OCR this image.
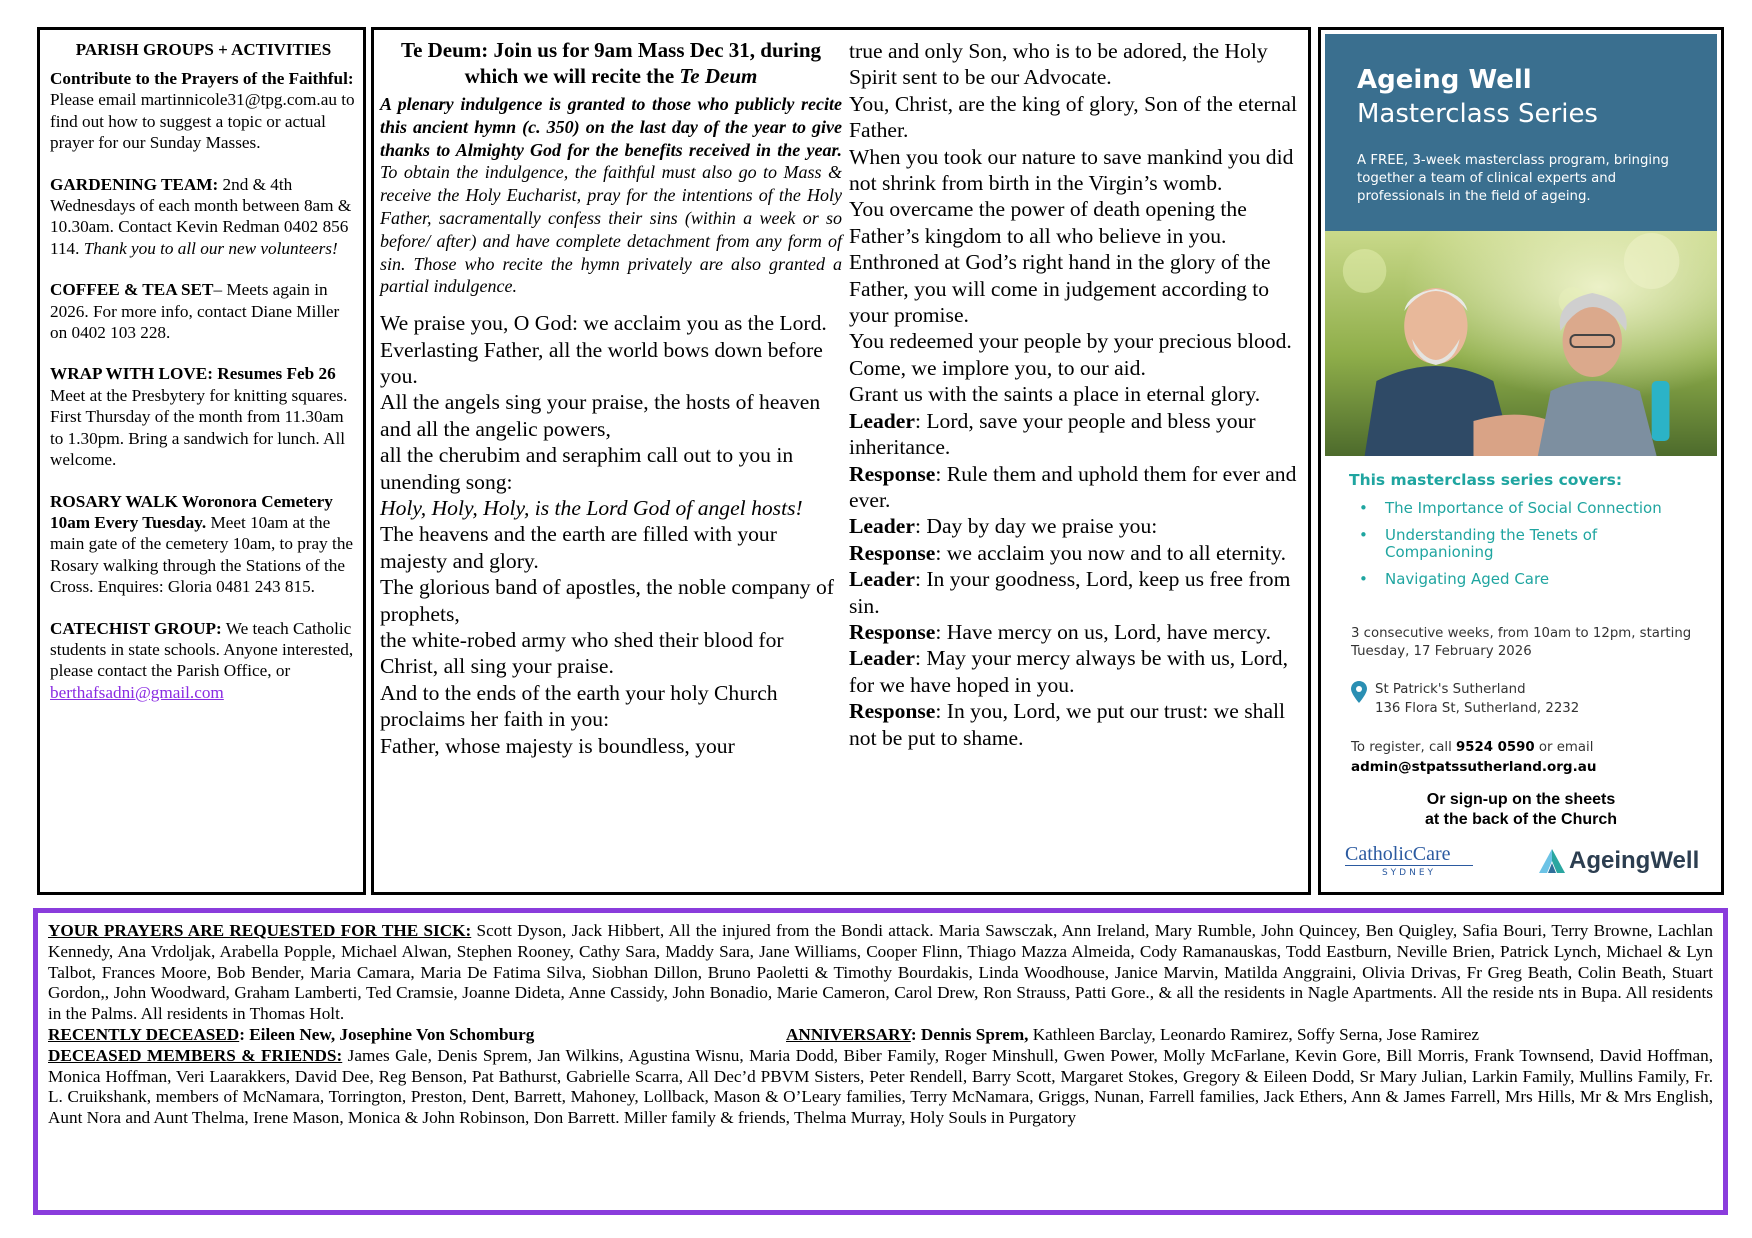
PARISH GROUPS + ACTIVITIES
Contribute to the Prayers of the Faithful: Please email martinnicole31@tpg.com.au to find out how to suggest a topic or actual prayer for our Sunday Masses.
GARDENING TEAM: 2nd & 4th Wednesdays of each month between 8am & 10.30am. Contact Kevin Redman 0402 856 114. Thank you to all our new volunteers!
COFFEE & TEA SET– Meets again in 2026. For more info, contact Diane Miller on 0402 103 228.
WRAP WITH LOVE: Resumes Feb 26 Meet at the Presbytery for knitting squares. First Thursday of the month from 11.30am to 1.30pm. Bring a sandwich for lunch. All welcome.
ROSARY WALK Woronora Cemetery 10am Every Tuesday. Meet 10am at the main gate of the cemetery 10am, to pray the Rosary walking through the Stations of the Cross. Enquires: Gloria 0481 243 815.
CATECHIST GROUP: We teach Catholic students in state schools. Anyone interested, please contact the Parish Office, or berthafsadni@gmail.com
Te Deum: Join us for 9am Mass Dec 31, during which we will recite the Te Deum
A plenary indulgence is granted to those who publicly recite this ancient hymn (c. 350) on the last day of the year to give thanks to Almighty God for the benefits received in the year. To obtain the indulgence, the faithful must also go to Mass & receive the Holy Eucharist, pray for the intentions of the Holy Father, sacramentally confess their sins (within a week or so before/ after) and have complete detachment from any form of sin. Those who recite the hymn privately are also granted a partial indulgence.

We praise you, O God: we acclaim you as the Lord.

Everlasting Father, all the world bows down before you.

All the angels sing your praise, the hosts of heaven and all the angelic powers,

all the cherubim and seraphim call out to you in unending song:

Holy, Holy, Holy, is the Lord God of angel hosts!

The heavens and the earth are filled with your majesty and glory.

The glorious band of apostles, the noble company of prophets,

the white-robed army who shed their blood for Christ, all sing your praise.

And to the ends of the earth your holy Church proclaims her faith in you:

Father, whose majesty is boundless, your

true and only Son, who is to be adored, the Holy Spirit sent to be our Advocate.

You, Christ, are the king of glory, Son of the eternal Father.

When you took our nature to save mankind you did not shrink from birth in the Virgin’s womb.

You overcame the power of death opening the Father’s kingdom to all who believe in you.

Enthroned at God’s right hand in the glory of the Father, you will come in judgement according to your promise.

You redeemed your people by your precious blood. Come, we implore you, to our aid.

Grant us with the saints a place in eternal glory.

Leader: Lord, save your people and bless your inheritance.

Response: Rule them and uphold them for ever and ever.

Leader: Day by day we praise you:

Response: we acclaim you now and to all eternity.

Leader: In your goodness, Lord, keep us free from sin.

Response: Have mercy on us, Lord, have mercy.

Leader: May your mercy always be with us, Lord, for we have hoped in you.

Response: In you, Lord, we put our trust: we shall not be put to shame.

Ageing Well

Masterclass Series

A FREE, 3-week masterclass program, bringing together a team of clinical experts and professionals in the field of ageing.

This masterclass series covers:

• The Importance of Social Connection
• Understanding the Tenets of Companioning
• Navigating Aged Care

3 consecutive weeks, from 10am to 12pm, starting Tuesday, 17 February 2026

St Patrick's Sutherland

136 Flora St, Sutherland, 2232

To register, call 9524 0590 or email

admin@stpatssutherland.org.au

Or sign-up on the sheets

at the back of the Church

CatholicCare
SYDNEY	AgeingWell

YOUR PRAYERS ARE REQUESTED FOR THE SICK: Scott Dyson, Jack Hibbert, All the injured from the Bondi attack. Maria Sawsczak, Ann Ireland, Mary Rumble, John Quincey, Ben Quigley, Safia Bouri, Terry Browne, Lachlan Kennedy, Ana Vrdoljak, Arabella Popple, Michael Alwan, Stephen Rooney, Cathy Sara, Maddy Sara, Jane Williams, Cooper Flinn, Thiago Mazza Almeida, Cody Ramanauskas, Todd Eastburn, Neville Brien, Patrick Lynch, Michael & Lyn Talbot, Frances Moore, Bob Bender, Maria Camara, Maria De Fatima Silva, Siobhan Dillon, Bruno Paoletti & Timothy Bourdakis, Linda Woodhouse, Janice Marvin, Matilda Anggraini, Olivia Drivas, Fr Greg Beath, Colin Beath, Stuart Gordon,, John Woodward, Graham Lamberti, Ted Cramsie, Joanne Dideta, Anne Cassidy, John Bonadio, Marie Cameron, Carol Drew, Ron Strauss, Patti Gore., & all the residents in Nagle Apartments. All the reside nts in Bupa. All residents in the Palms. All residents in Thomas Holt.

RECENTLY DECEASED: Eileen New, Josephine Von Schomburg	ANNIVERSARY: Dennis Sprem, Kathleen Barclay, Leonardo Ramirez, Soffy Serna, Jose Ramirez

DECEASED MEMBERS & FRIENDS: James Gale, Denis Sprem, Jan Wilkins, Agustina Wisnu, Maria Dodd, Biber Family, Roger Minshull, Gwen Power, Molly McFarlane, Kevin Gore, Bill Morris, Frank Townsend, David Hoffman, Monica Hoffman, Veri Laarakkers, David Dee, Reg Benson, Pat Bathurst, Gabrielle Scarra, All Dec’d PBVM Sisters, Peter Rendell, Barry Scott, Margaret Stokes, Gregory & Eileen Dodd, Sr Mary Julian, Larkin Family, Mullins Family, Fr. L. Cruikshank, members of McNamara, Torrington, Preston, Dent, Barrett, Mahoney, Lollback, Mason & O’Leary families, Terry McNamara, Griggs, Nunan, Farrell families, Jack Ethers, Ann & James Farrell, Mrs Hills, Mr & Mrs English, Aunt Nora and Aunt Thelma, Irene Mason, Monica & John Robinson, Don Barrett. Miller family & friends, Thelma Murray, Holy Souls in Purgatory
